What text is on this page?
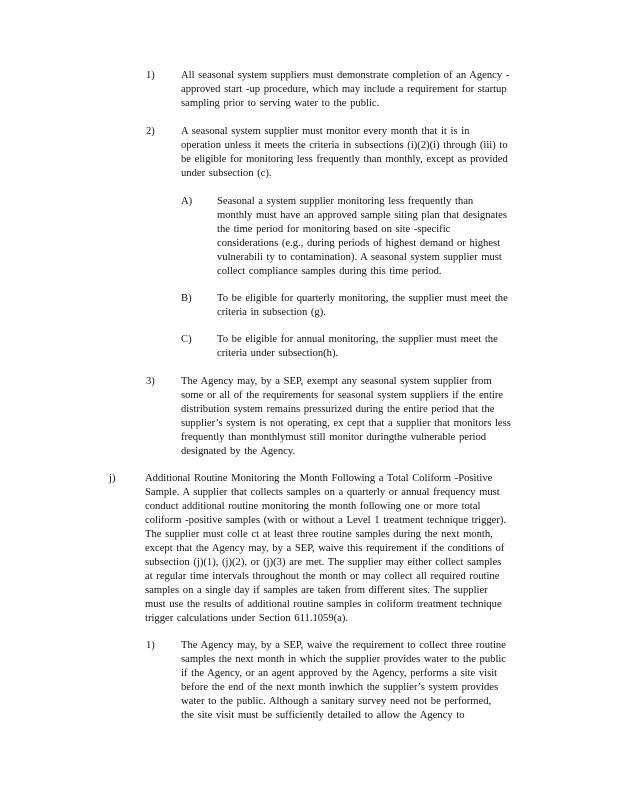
1) All seasonal system suppliers must demonstrate completion of an Agency -
approved start -up procedure, which may include a requirement for startup
sampling prior to serving water to the public.
2) A seasonal system supplier must monitor every month that it is in
operation unless it meets the criteria in subsections (i)(2)(i) through (iii) to
be eligible for monitoring less frequently than monthly, except as provided
under subsection (c).
A) Seasonal a system supplier monitoring less frequently than
monthly must have an approved sample siting plan that designates
the time period for monitoring based on site -specific
considerations (e.g., during periods of highest demand or highest
vulnerabili ty to contamination). A seasonal system supplier must
collect compliance samples during this time period.
B) To be eligible for quarterly monitoring, the supplier must meet the
criteria in subsection (g).
C) To be eligible for annual monitoring, the supplier must meet the
criteria under subsection(h).
3) The Agency may, by a SEP, exempt any seasonal system supplier from
some or all of the requirements for seasonal system suppliers if the entire
distribution system remains pressurized during the entire period that the
supplier’s system is not operating, ex cept that a supplier that monitors less
frequently than monthlymust still monitor duringthe vulnerable period
designated by the Agency.
j)	Additional Routine Monitoring the Month Following a Total Coliform -Positive
Sample. A supplier that collects samples on a quarterly or annual frequency must
conduct additional routine monitoring the month following one or more total
coliform -positive samples (with or without a Level 1 treatment technique trigger).
The supplier must colle ct at least three routine samples during the next month,
except that the Agency may, by a SEP, waive this requirement if the conditions of
subsection (j)(1), (j)(2), or (j)(3) are met. The supplier may either collect samples
at regular time intervals throughout the month or may collect all required routine
samples on a single day if samples are taken from different sites. The supplier
must use the results of additional routine samples in coliform treatment technique
trigger calculations under Section 611.1059(a).
1) The Agency may, by a SEP, waive the requirement to collect three routine
samples the next month in which the supplier provides water to the public
if the Agency, or an agent approved by the Agency, performs a site visit
before the end of the next month inwhich the supplier’s system provides
water to the public. Although a sanitary survey need not be performed,
the site visit must be sufficiently detailed to allow the Agency to
